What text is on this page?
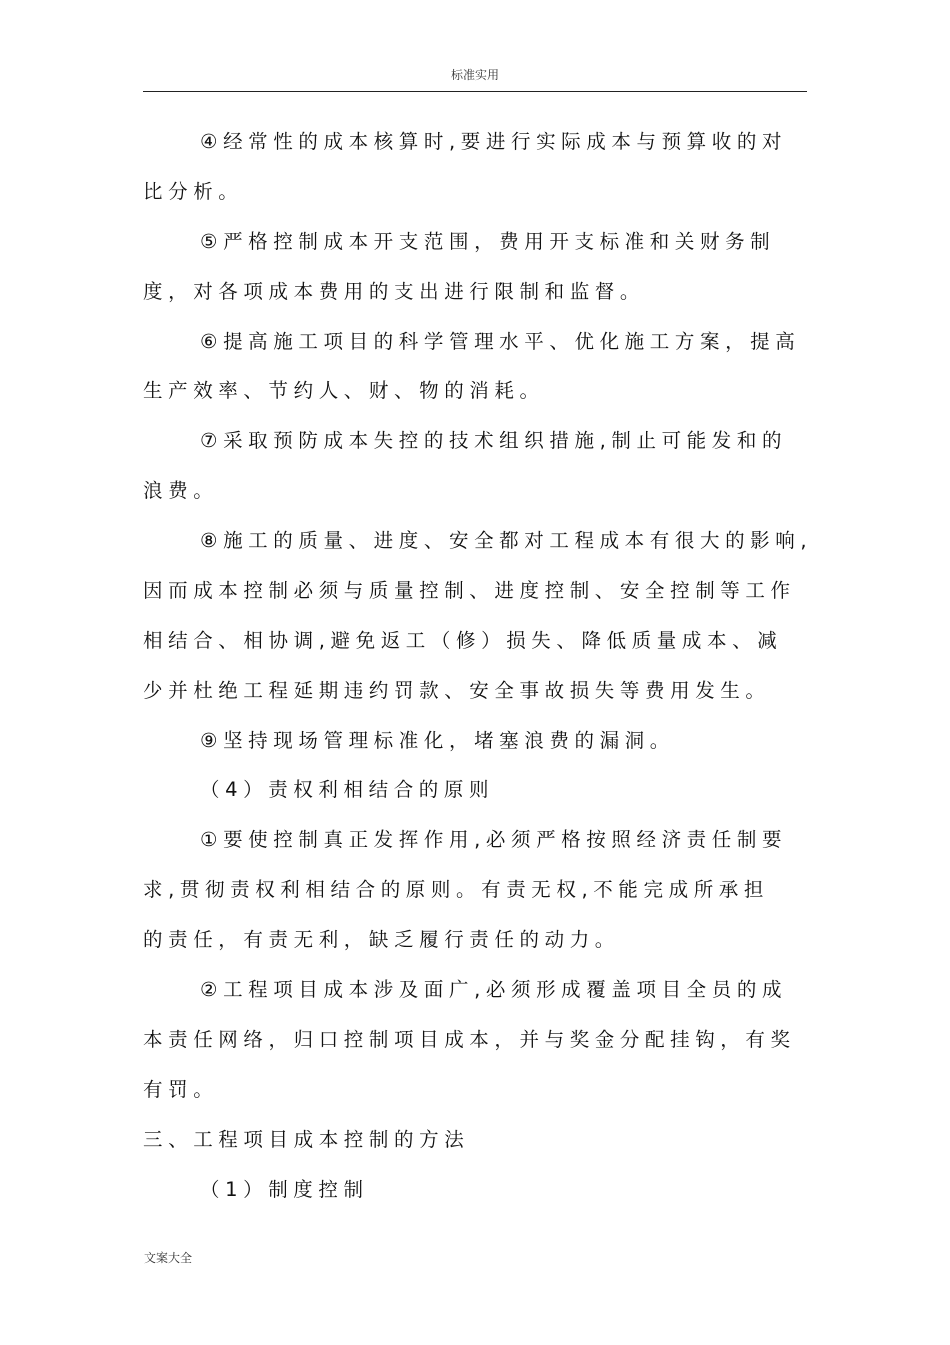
标准实用
④经常性的成本核算时,要进行实际成本与预算收的对
比分析。
⑤严格控制成本开支范围，费用开支标准和关财务制
度，对各项成本费用的支出进行限制和监督。
⑥提高施工项目的科学管理水平、优化施工方案，提高
生产效率、节约人、财、物的消耗。
⑦采取预防成本失控的技术组织措施,制止可能发和的
浪费。
⑧施工的质量、进度、安全都对工程成本有很大的影响,
因而成本控制必须与质量控制、进度控制、安全控制等工作
相结合、相协调,避免返工（修）损失、降低质量成本、减
少并杜绝工程延期违约罚款、安全事故损失等费用发生。
⑨坚持现场管理标准化，堵塞浪费的漏洞。
（4）责权利相结合的原则
①要使控制真正发挥作用,必须严格按照经济责任制要
求,贯彻责权利相结合的原则。有责无权,不能完成所承担
的责任，有责无利，缺乏履行责任的动力。
②工程项目成本涉及面广,必须形成覆盖项目全员的成
本责任网络，归口控制项目成本，并与奖金分配挂钩，有奖
有罚。
三、工程项目成本控制的方法
（1）制度控制
文案大全
